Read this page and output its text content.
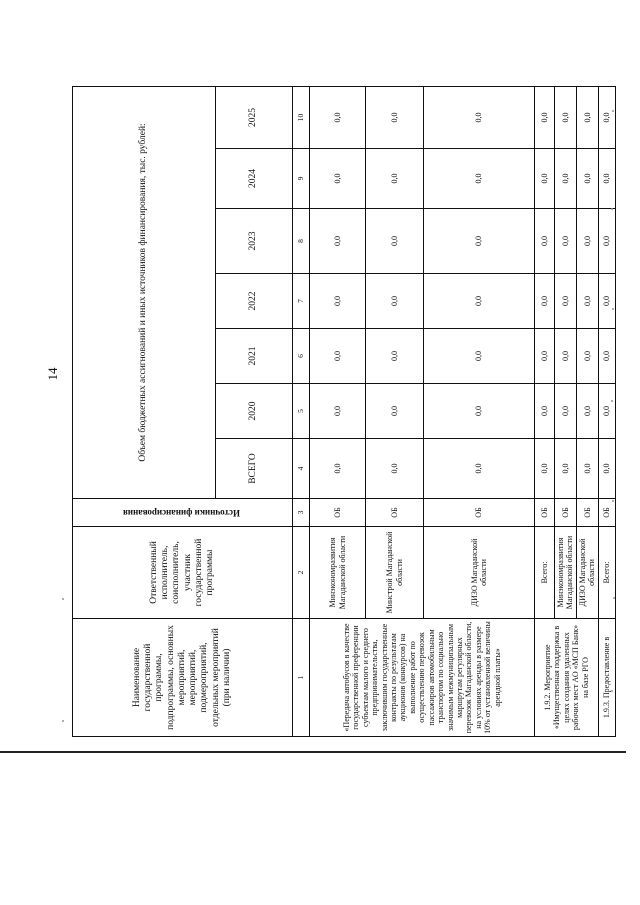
14
Наименование государственной программы, подпрограммы, основных мероприятий, мероприятий, подмероприятий, отдельных мероприятий (при наличии)	Ответственный исполнитель, соисполнитель, участник государственной программы	Источники финансирования	Объем бюджетных ассигнований и иных источников финансирования, тыс. рублей:						
			ВСЕГО	2020	2021	2022	2023	2024	2025
1	2	3	4	5	6	7	8	9	10
«Передача автобусов в качестве государственной преференции субъектам малого и среднего предпринимательства, заключившим государственные контракты по результатам аукционов (конкурсов) на выполнение работ по осуществлению перевозок пассажиров автомобильным транспортом по социально значимым межмуниципальным маршрутам регулярных перевозок Магаданской области, на условиях аренды в размере 10% от установленной величины арендной платы»	Минэкономразвития Магаданской области	ОБ	0,0	0,0	0,0	0,0	0,0	0,0	0,0
	Минстрой Магаданской области	ОБ	0,0	0,0	0,0	0,0	0,0	0,0	0,0
	ДИЗО Магаданской области	ОБ	0,0	0,0	0,0	0,0	0,0	0,0	0,0
1.9.2. Мероприятие «Имущественная поддержка в целях создания удаленных рабочих мест АО «МСП Банк» на базе РГО	Всего:	ОБ	0,0	0,0	0,0	0,0	0,0	0,0	0,0
	Минэкономразвития Магаданской области	ОБ	0,0	0,0	0,0	0,0	0,0	0,0	0,0
	ДИЗО Магаданской области	ОБ	0,0	0,0	0,0	0,0	0,0	0,0	0,0
1.9.3. Предоставление в	Всего:	ОБ	0,0	0,0	0,0	0,0	0,0	0,0	0,0
